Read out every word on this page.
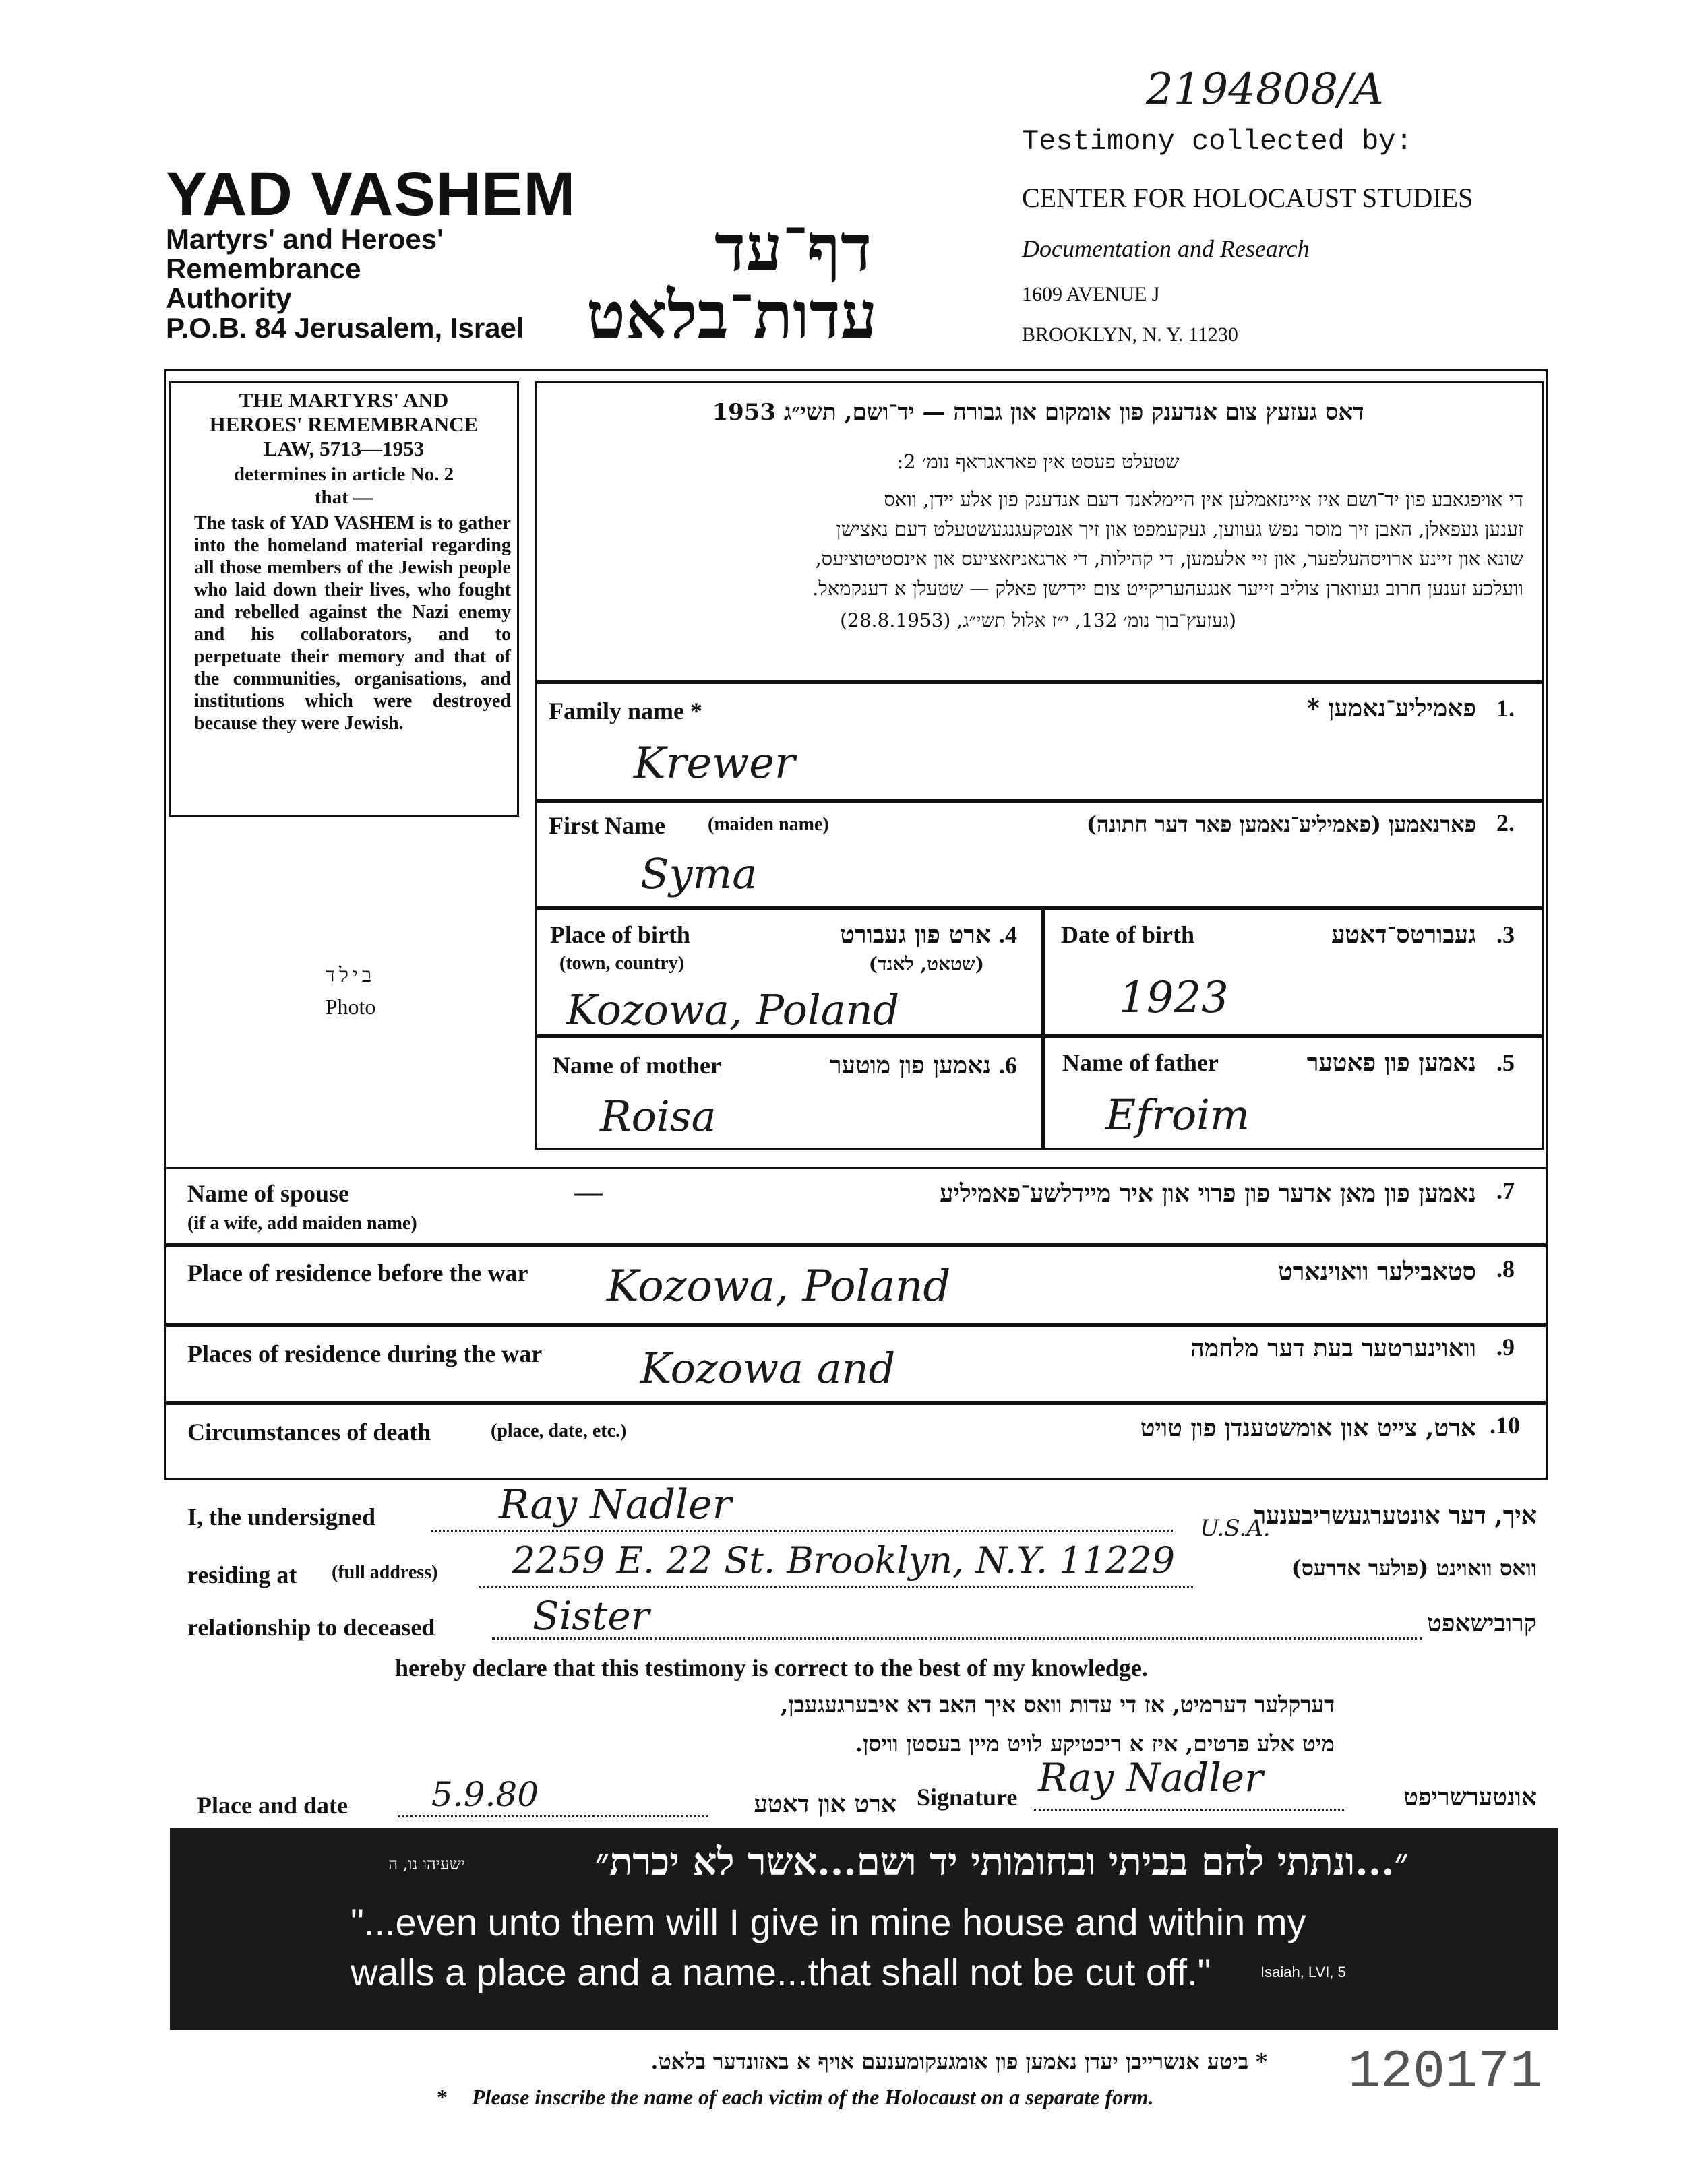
2194808/A
Testimony collected by:
CENTER FOR HOLOCAUST STUDIES
Documentation and Research
1609 AVENUE J
BROOKLYN, N. Y. 11230
YAD VASHEM
Martyrs' and Heroes'
Remembrance
Authority
P.O.B. 84 Jerusalem, Israel
דף־עד
עדות־בלאט
THE MARTYRS' AND
HEROES' REMEMBRANCE
LAW, 5713—1953
determines in article No. 2
that —
The task of YAD VASHEM is to gather into the homeland material regarding all those members of the Jewish people who laid down their lives, who fought and rebelled against the Nazi enemy and his collaborators, and to perpetuate their memory and that of the communities, organisations, and institutions which were destroyed because they were Jewish.
בילד
Photo
דאס געזעץ צום אנדענק פון אומקום און גבורה — יד־ושם, תשי״ג 1953
שטעלט פעסט אין פאראגראף נומ׳ 2:
די אויפגאבע פון יד־ושם איז איינזאמלען אין היימלאנד דעם אנדענק פון אלע יידן, וואס
זענען געפאלן, האבן זיך מוסר נפש געווען, געקעמפט און זיך אנטקעגנגעשטעלט דעם נאצישן
שונא און זיינע ארויסהעלפער, און זיי אלעמען, די קהילות, די ארגאניזאציעס און אינסטיטוציעס,
וועלכע זענען חרוב געווארן צוליב זייער אנגעהעריקייט צום יידישן פאלק — שטעלן א דענקמאל.
(געזעץ־בוך נומ׳ 132, י״ז אלול תשי״ג, (28.8.1953)
Family name *	פאמיליע־נאמען * 1.
Krewer
First Name (maiden name)	פארנאמען (פאמיליע־נאמען פאר דער חתונה) 2.
Syma
Place of birth
(town, country)
ארט פון געבורט
(שטאט, לאנד)
.4
Kozowa, Poland
Date of birth	געבורטס־דאטע .3
1923
Name of mother	נאמען פון מוטער .6
Roisa
Name of father	נאמען פון פאטער .5
Efroim
Name of spouse
(if a wife, add maiden name)
—	נאמען פון מאן אדער פון פרוי און איר מיידלשע־פאמיליע .7
Place of residence before the war Kozowa, Poland	סטאבילער וואוינארט .8
Places of residence during the war Kozowa and	וואוינערטער בעת דער מלחמה .9
Circumstances of death	(place, date, etc.)	ארט, צייט און אומשטענדן פון טויט .10
I, the undersigned	Ray Nadler	איך, דער אונטערגעשריבענער
residing at (full address) 2259 E. 22 St. Brooklyn, N.Y. 11229
U.S.A.
וואס וואוינט (פולער אדרעס)
relationship to deceased Sister	קרובישאפט
hereby declare that this testimony is correct to the best of my knowledge.
דערקלער דערמיט, אז די עדות וואס איך האב דא איבערגעגעבן,
מיט אלע פרטים, איז א ריכטיקע לויט מיין בעסטן וויסן.
Place and date 5.9.80	ארט און דאטע Signature Ray Nadler	אונטערשריפט
״...ונתתי להם בביתי ובחומותי יד ושם...אשר לא יכרת״
ישעיהו נו, ה
"...even unto them will I give in mine house and within my
walls a place and a name...that shall not be cut off."	Isaiah, LVI, 5
* ביטע אנשרייבן יעדן נאמען פון אומגעקומענעם אויף א באזונדער בלאט.
* Please inscribe the name of each victim of the Holocaust on a separate form.	120171
